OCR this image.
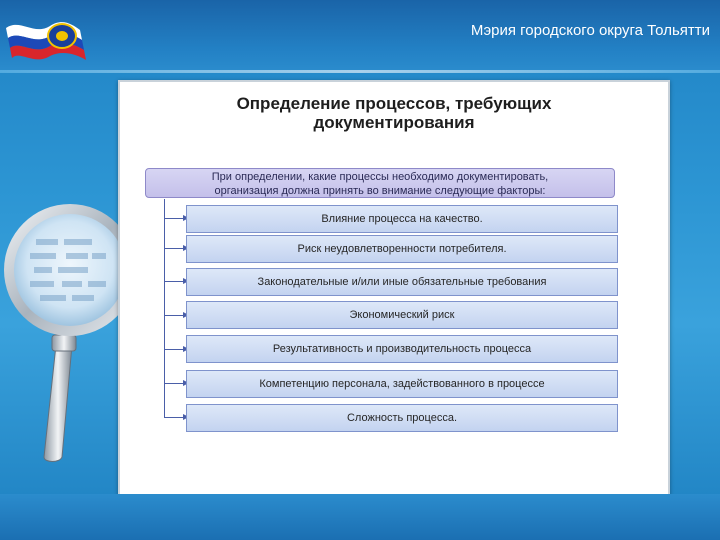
Мэрия городского округа Тольятти
Определение процессов, требующих
документирования
При определении, какие процессы необходимо документировать,
организация должна принять во внимание следующие факторы:
Влияние процесса на качество.
Риск неудовлетворенности потребителя.
Законодательные и/или иные обязательные требования
Экономический риск
Результативность и производительность процесса
Компетенцию персонала, задействованного в процессе
Сложность процесса.
